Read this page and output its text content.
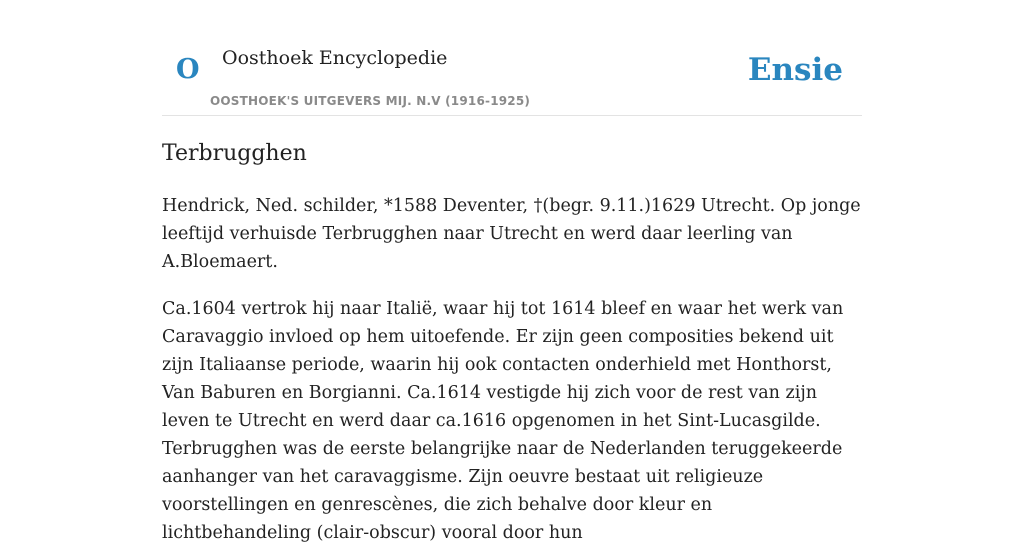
O Oosthoek Encyclopedie
OOSTHOEK'S UITGEVERS MIJ. N.V (1916-1925)
Ensie
Terbrugghen

Hendrick, Ned. schilder, *1588 Deventer, †(begr. 9.11.)1629 Utrecht. Op jonge leeftijd verhuisde Terbrugghen naar Utrecht en werd daar leerling van A.Bloemaert.

Ca.1604 vertrok hij naar Italië, waar hij tot 1614 bleef en waar het werk van Caravaggio invloed op hem uitoefende. Er zijn geen composities bekend uit zijn Italiaanse periode, waarin hij ook contacten onderhield met Honthorst, Van Baburen en Borgianni. Ca.1614 vestigde hij zich voor de rest van zijn leven te Utrecht en werd daar ca.1616 opgenomen in het Sint-Lucasgilde. Terbrugghen was de eerste belangrijke naar de Nederlanden teruggekeerde aanhanger van het caravaggisme. Zijn oeuvre bestaat uit religieuze voorstellingen en genrescènes, die zich behalve door kleur en lichtbehandeling (clair-obscur) vooral door hun
